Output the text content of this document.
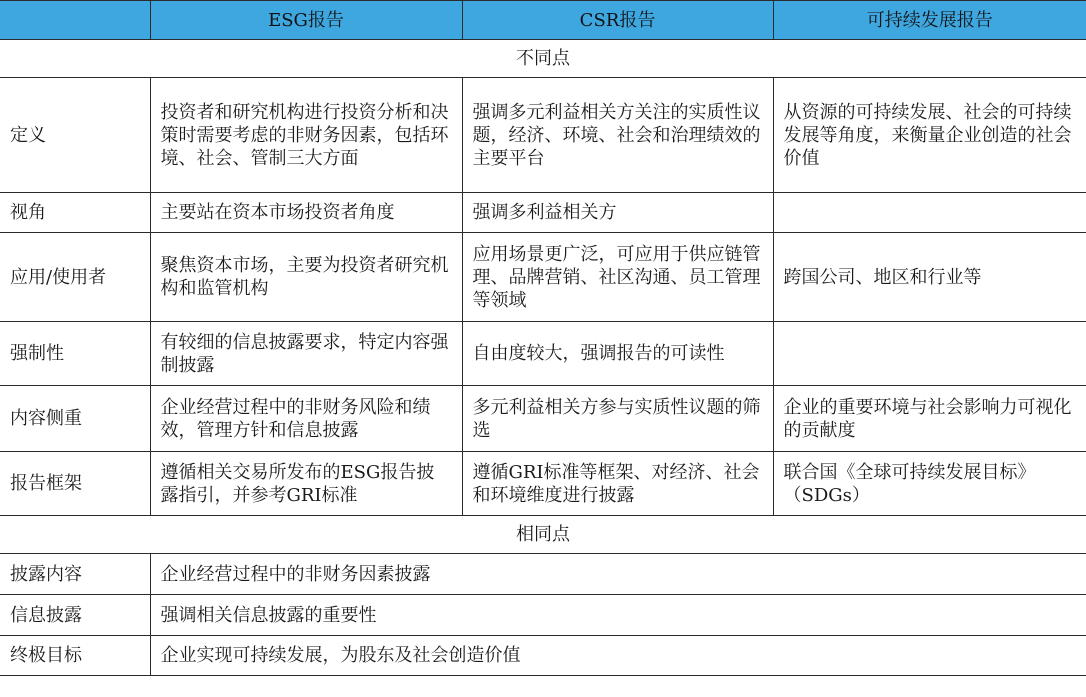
	ESG报告	CSR报告	可持续发展报告
不同点			
定义	投资者和研究机构进行投资分析和决策时需要考虑的非财务因素，包括环境、社会、管制三大方面	强调多元利益相关方关注的实质性议题，经济、环境、社会和治理绩效的主要平台	从资源的可持续发展、社会的可持续发展等角度，来衡量企业创造的社会价值
视角	主要站在资本市场投资者角度	强调多利益相关方	
应用/使用者	聚焦资本市场，主要为投资者研究机构和监管机构	应用场景更广泛，可应用于供应链管理、品牌营销、社区沟通、员工管理等领域	跨国公司、地区和行业等
强制性	有较细的信息披露要求，特定内容强制披露	自由度较大，强调报告的可读性	
内容侧重	企业经营过程中的非财务风险和绩效，管理方针和信息披露	多元利益相关方参与实质性议题的筛选	企业的重要环境与社会影响力可视化的贡献度
报告框架	遵循相关交易所发布的ESG报告披露指引，并参考GRI标准	遵循GRI标准等框架、对经济、社会和环境维度进行披露	联合国《全球可持续发展目标》（SDGs）
相同点			
披露内容	企业经营过程中的非财务因素披露		
信息披露	强调相关信息披露的重要性		
终极目标	企业实现可持续发展，为股东及社会创造价值		
